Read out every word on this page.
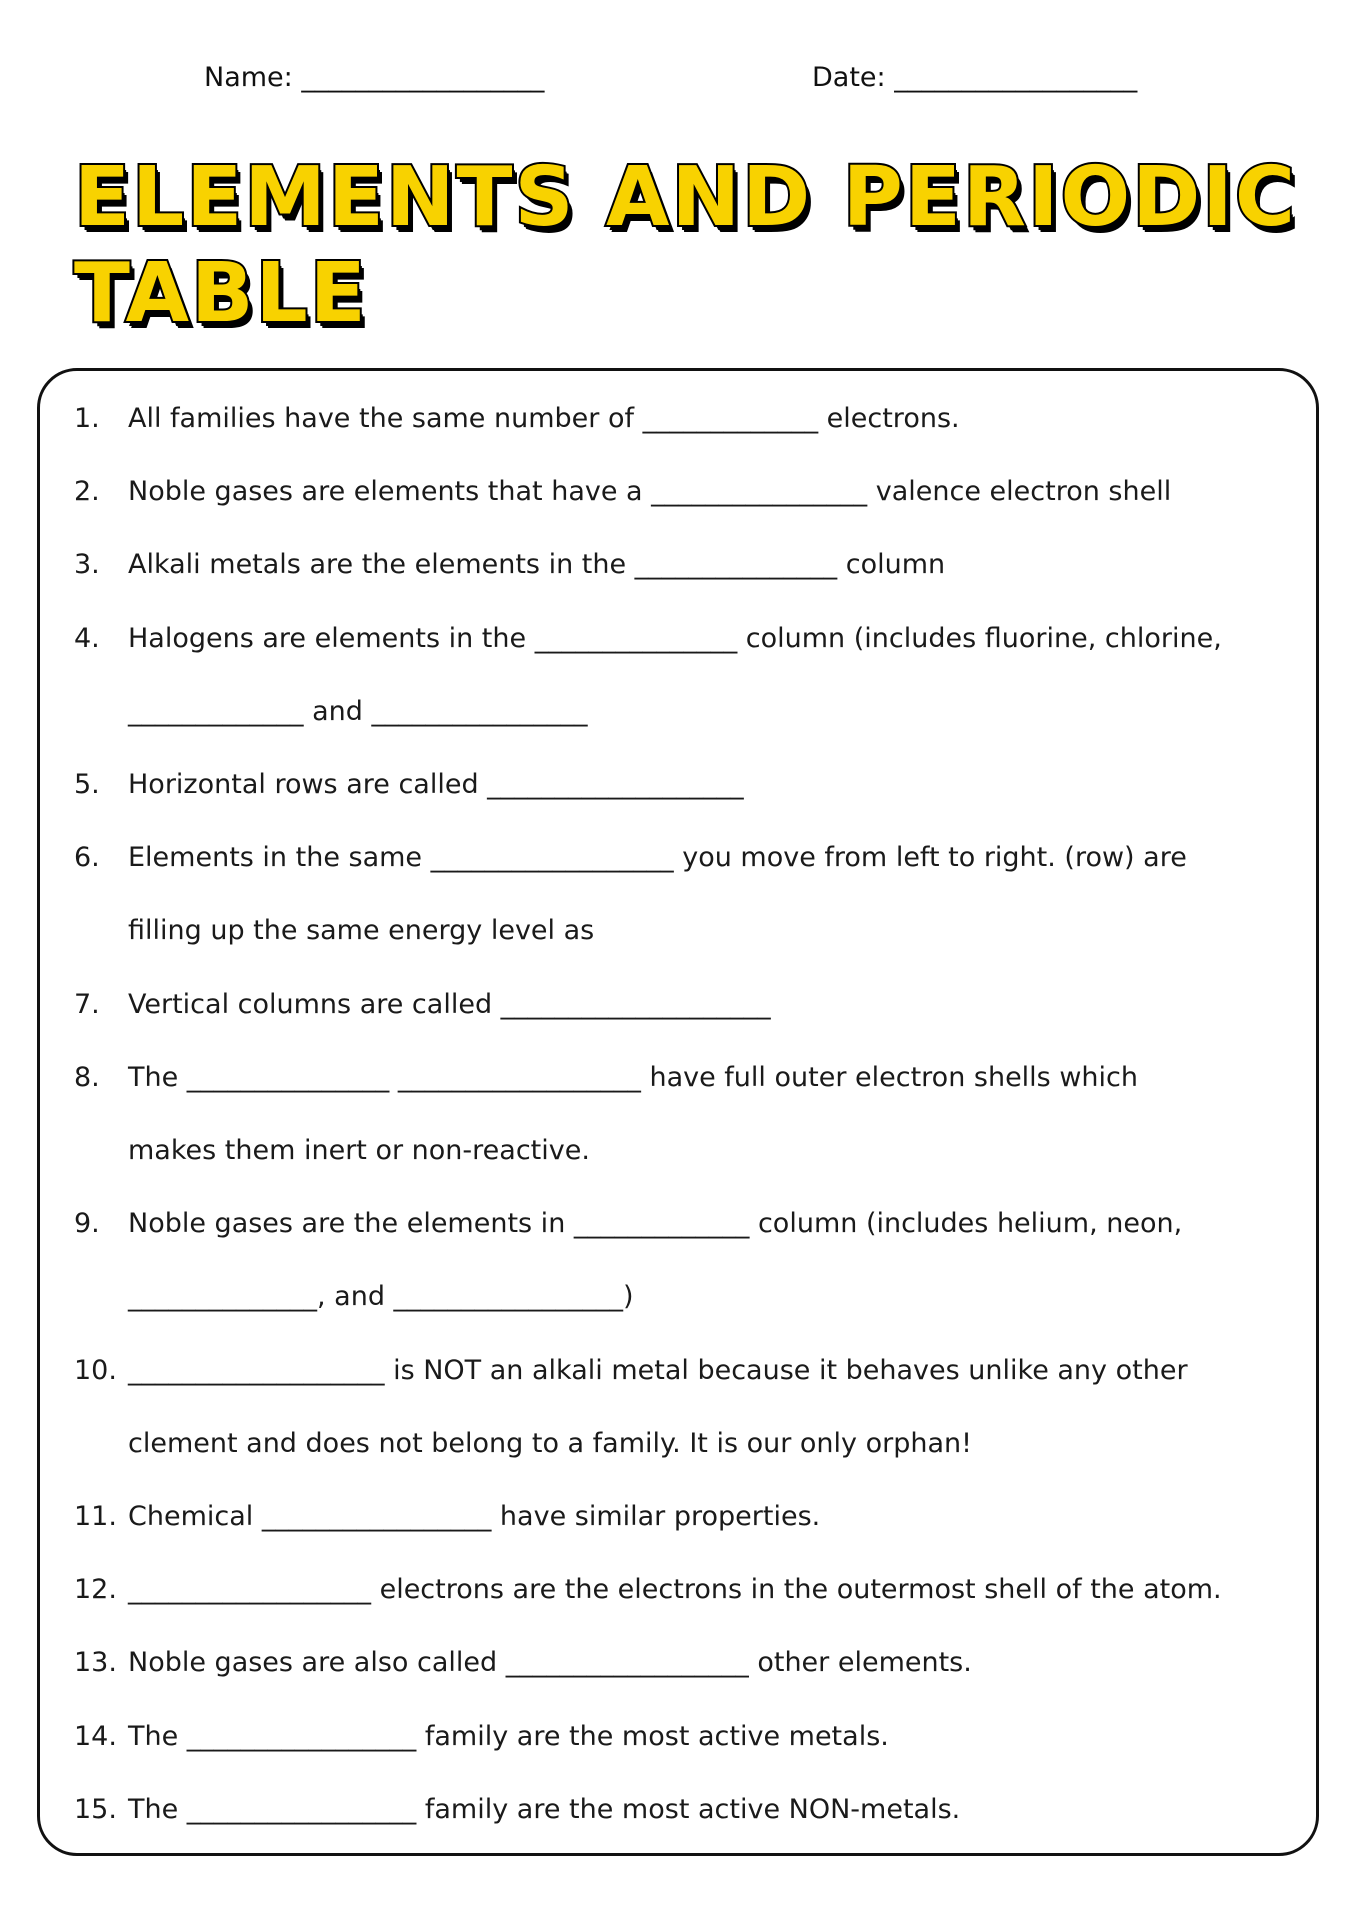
Name: __________________	Date: __________________
ELEMENTS AND PERIODIC
TABLE
1.	All families have the same number of _____________ electrons.
2.	Noble gases are elements that have a ________________ valence electron shell
3.	Alkali metals are the elements in the _______________ column
4.	Halogens are elements in the _______________ column (includes fluorine, chlorine,
_____________ and ________________
5.	Horizontal rows are called ___________________
6.	Elements in the same __________________ you move from left to right. (row) are
filling up the same energy level as
7.	Vertical columns are called ____________________
8.	The _______________ __________________ have full outer electron shells which
makes them inert or non-reactive.
9.	Noble gases are the elements in _____________ column (includes helium, neon,
______________, and _________________)
10. ___________________ is NOT an alkali metal because it behaves unlike any other
clement and does not belong to a family. It is our only orphan!
11. Chemical _________________ have similar properties.
12. __________________ electrons are the electrons in the outermost shell of the atom.
13. Noble gases are also called __________________ other elements.
14. The _________________ family are the most active metals.
15. The _________________ family are the most active NON-metals.
